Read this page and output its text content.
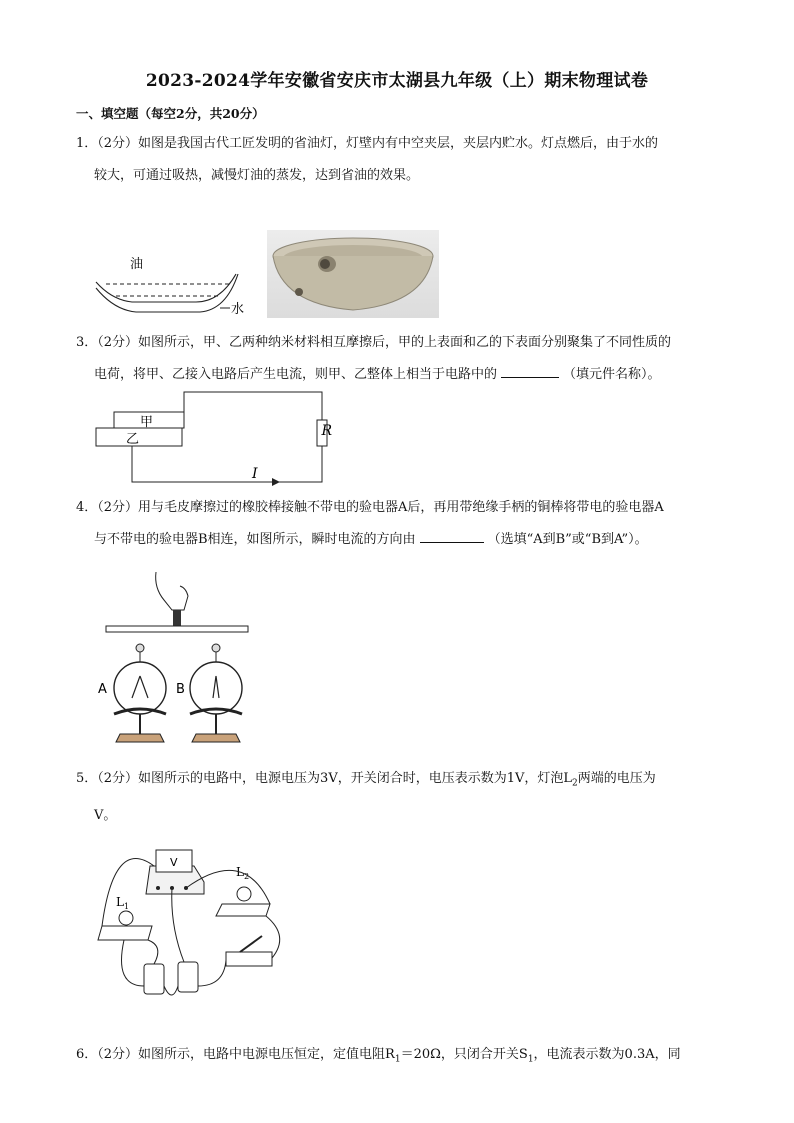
2023-2024学年安徽省安庆市太湖县九年级（上）期末物理试卷
一、填空题（每空2分，共20分）
1．（2分）如图是我国古代工匠发明的省油灯，灯壁内有中空夹层，夹层内贮水。灯点燃后，由于水的
较大，可通过吸热，减慢灯油的蒸发，达到省油的效果。
油
水
3．（2分）如图所示，甲、乙两种纳米材料相互摩擦后，甲的上表面和乙的下表面分别聚集了不同性质的
电荷，将甲、乙接入电路后产生电流，则甲、乙整体上相当于电路中的	（填元件名称）。
甲
乙
R
I
4．（2分）用与毛皮摩擦过的橡胶棒接触不带电的验电器A后，再用带绝缘手柄的铜棒将带电的验电器A
与不带电的验电器B相连，如图所示，瞬时电流的方向由	（选填“A到B”或“B到A”）。
A	B
5．（2分）如图所示的电路中，电源电压为3V，开关闭合时，电压表示数为1V，灯泡$L_2$两端的电压为
V。
V
$L_1$
$L_2$
6．（2分）如图所示，电路中电源电压恒定，定值电阻$R_1=20\Omega$，只闭合开关$S_1$，电流表示数为0.3A，同
